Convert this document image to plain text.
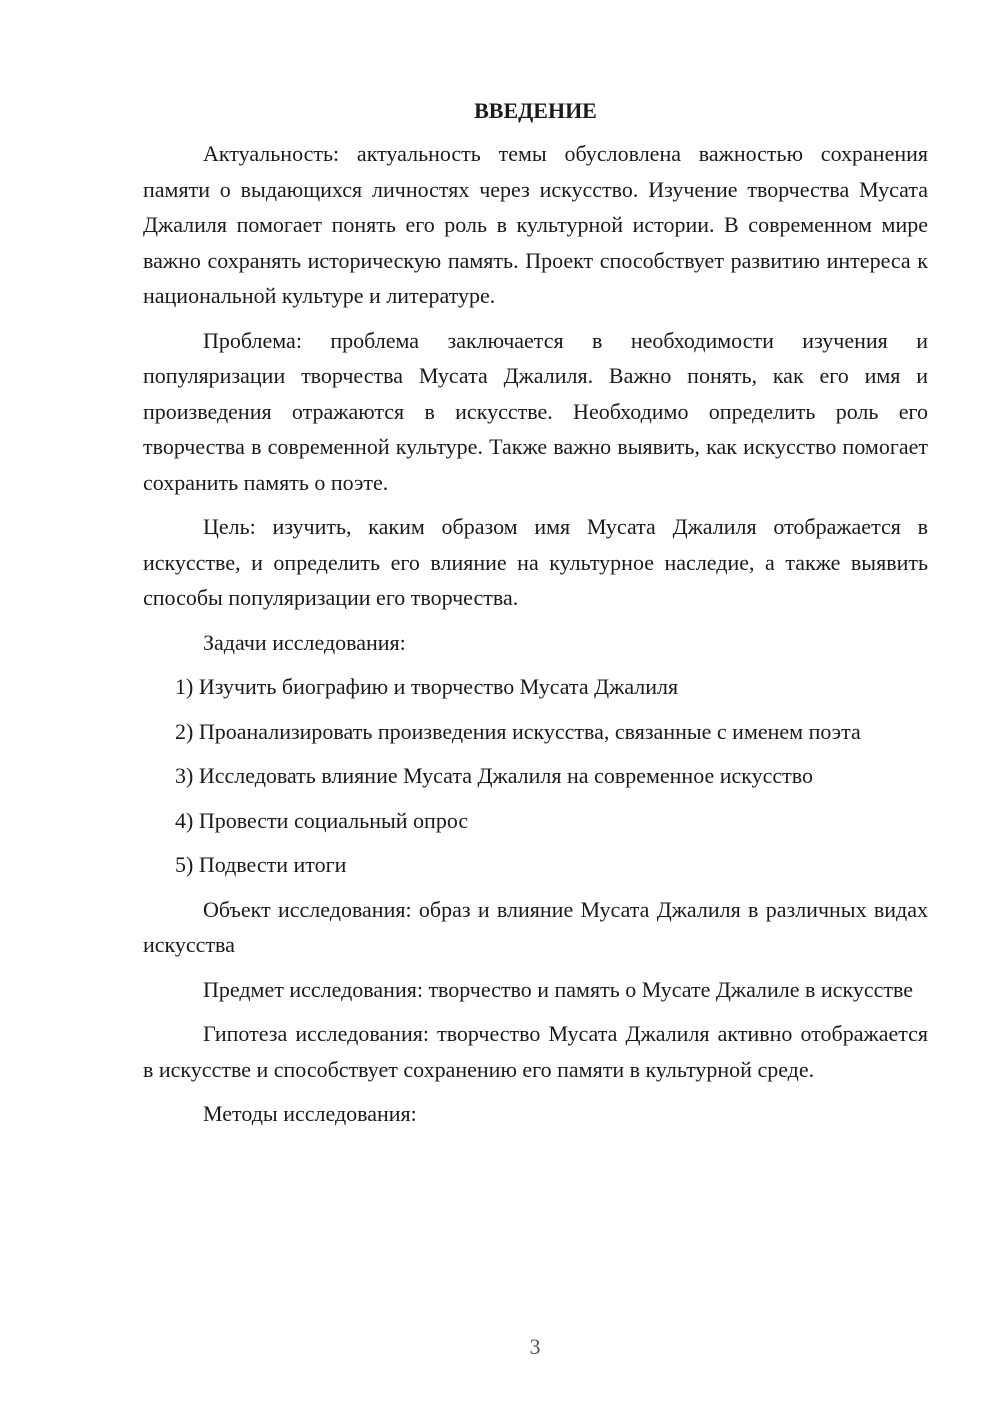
ВВЕДЕНИЕ

Актуальность: актуальность темы обусловлена важностью сохранения памяти о выдающихся личностях через искусство. Изучение творчества Мусата Джалиля помогает понять его роль в культурной истории. В современном мире важно сохранять историческую память. Проект способствует развитию интереса к национальной культуре и литературе.

Проблема: проблема заключается в необходимости изучения и популяризации творчества Мусата Джалиля. Важно понять, как его имя и произведения отражаются в искусстве. Необходимо определить роль его творчества в современной культуре. Также важно выявить, как искусство помогает сохранить память о поэте.

Цель: изучить, каким образом имя Мусата Джалиля отображается в искусстве, и определить его влияние на культурное наследие, а также выявить способы популяризации его творчества.

Задачи исследования:

1) Изучить биографию и творчество Мусата Джалиля

2) Проанализировать произведения искусства, связанные с именем поэта

3) Исследовать влияние Мусата Джалиля на современное искусство

4) Провести социальный опрос

5) Подвести итоги

Объект исследования: образ и влияние Мусата Джалиля в различных видах искусства

Предмет исследования: творчество и память о Мусате Джалиле в искусстве

Гипотеза исследования: творчество Мусата Джалиля активно отображается в искусстве и способствует сохранению его памяти в культурной среде.

Методы исследования:

3
